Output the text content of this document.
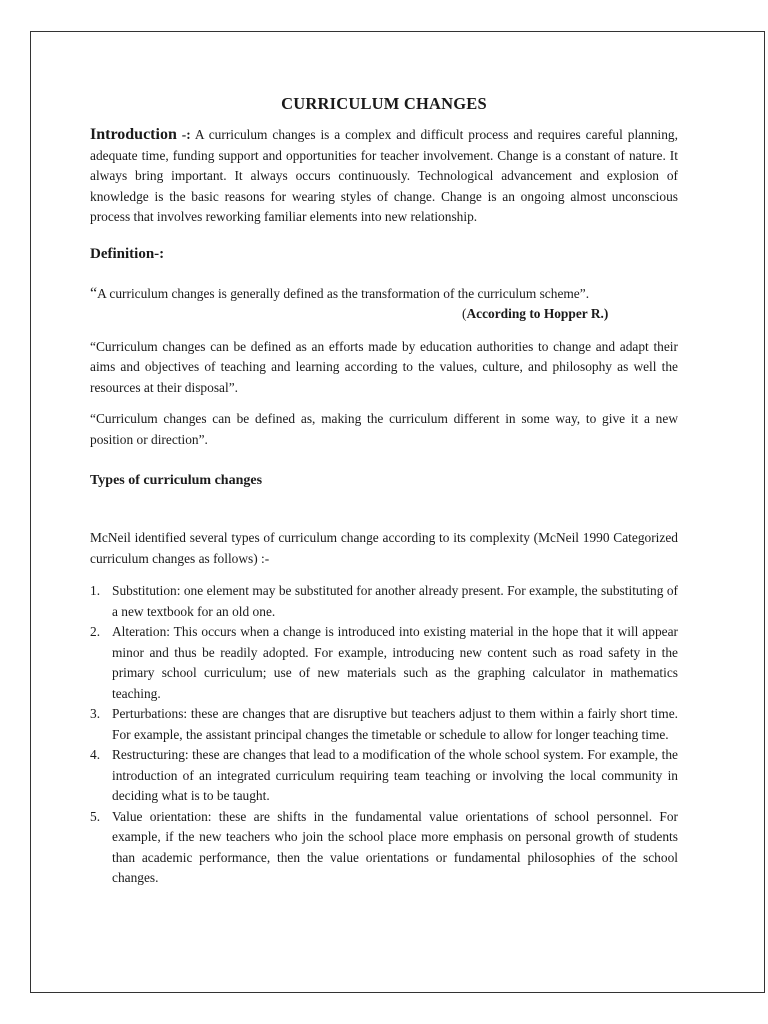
CURRICULUM CHANGES

Introduction -: A curriculum changes is a complex and difficult process and requires careful planning, adequate time, funding support and opportunities for teacher involvement. Change is a constant of nature. It always bring important. It always occurs continuously. Technological advancement and explosion of knowledge is the basic reasons for wearing styles of change. Change is an ongoing almost unconscious process that involves reworking familiar elements into new relationship.

Definition-:

“A curriculum changes is generally defined as the transformation of the curriculum scheme”.

(According to Hopper R.)

“Curriculum changes can be defined as an efforts made by education authorities to change and adapt their aims and objectives of teaching and learning according to the values, culture, and philosophy as well the resources at their disposal”.

“Curriculum changes can be defined as, making the curriculum different in some way, to give it a new position or direction”.

Types of curriculum changes

McNeil identified several types of curriculum change according to its complexity (McNeil 1990 Categorized curriculum changes as follows) :-

1. Substitution: one element may be substituted for another already present. For example, the substituting of a new textbook for an old one.
2. Alteration: This occurs when a change is introduced into existing material in the hope that it will appear minor and thus be readily adopted. For example, introducing new content such as road safety in the primary school curriculum; use of new materials such as the graphing calculator in mathematics teaching.
3. Perturbations: these are changes that are disruptive but teachers adjust to them within a fairly short time. For example, the assistant principal changes the timetable or schedule to allow for longer teaching time.
4. Restructuring: these are changes that lead to a modification of the whole school system. For example, the introduction of an integrated curriculum requiring team teaching or involving the local community in deciding what is to be taught.
5. Value orientation: these are shifts in the fundamental value orientations of school personnel. For example, if the new teachers who join the school place more emphasis on personal growth of students than academic performance, then the value orientations or fundamental philosophies of the school changes.
